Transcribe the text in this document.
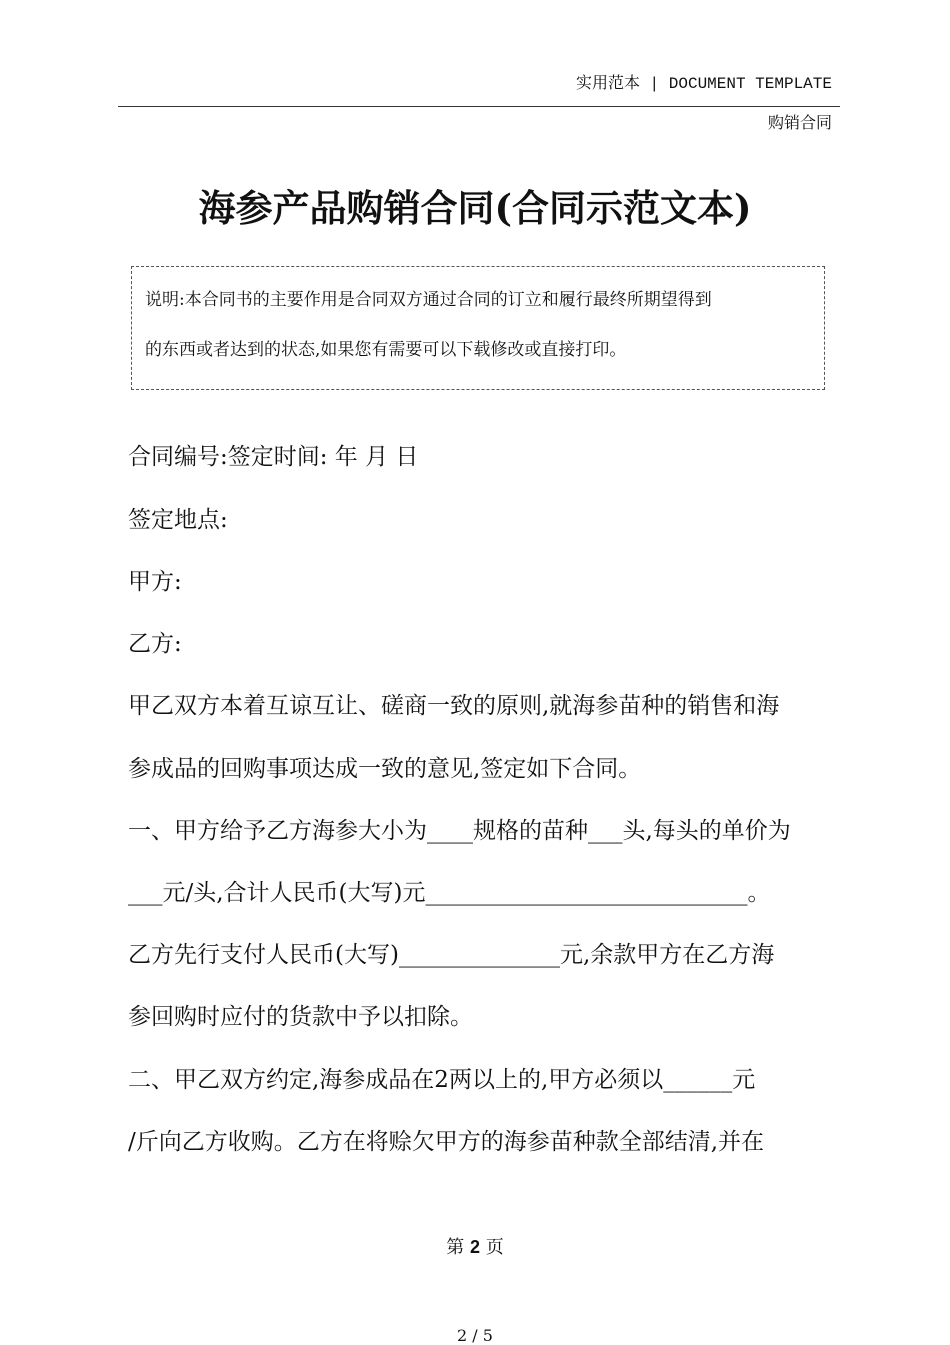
实用范本 | DOCUMENT TEMPLATE
购销合同
海参产品购销合同(合同示范文本)
说明:本合同书的主要作用是合同双方通过合同的订立和履行最终所期望得到
的东西或者达到的状态,如果您有需要可以下载修改或直接打印。
合同编号:签定时间: 年 月 日
签定地点:
甲方:
乙方:
甲乙双方本着互谅互让、磋商一致的原则,就海参苗种的销售和海
参成品的回购事项达成一致的意见,签定如下合同。
一、甲方给予乙方海参大小为____规格的苗种___头,每头的单价为
___元/头,合计人民币(大写)元____________________________。
乙方先行支付人民币(大写)______________元,余款甲方在乙方海
参回购时应付的货款中予以扣除。
二、甲乙双方约定,海参成品在2两以上的,甲方必须以______元
/斤向乙方收购。乙方在将赊欠甲方的海参苗种款全部结清,并在
第 2 页
2 / 5
